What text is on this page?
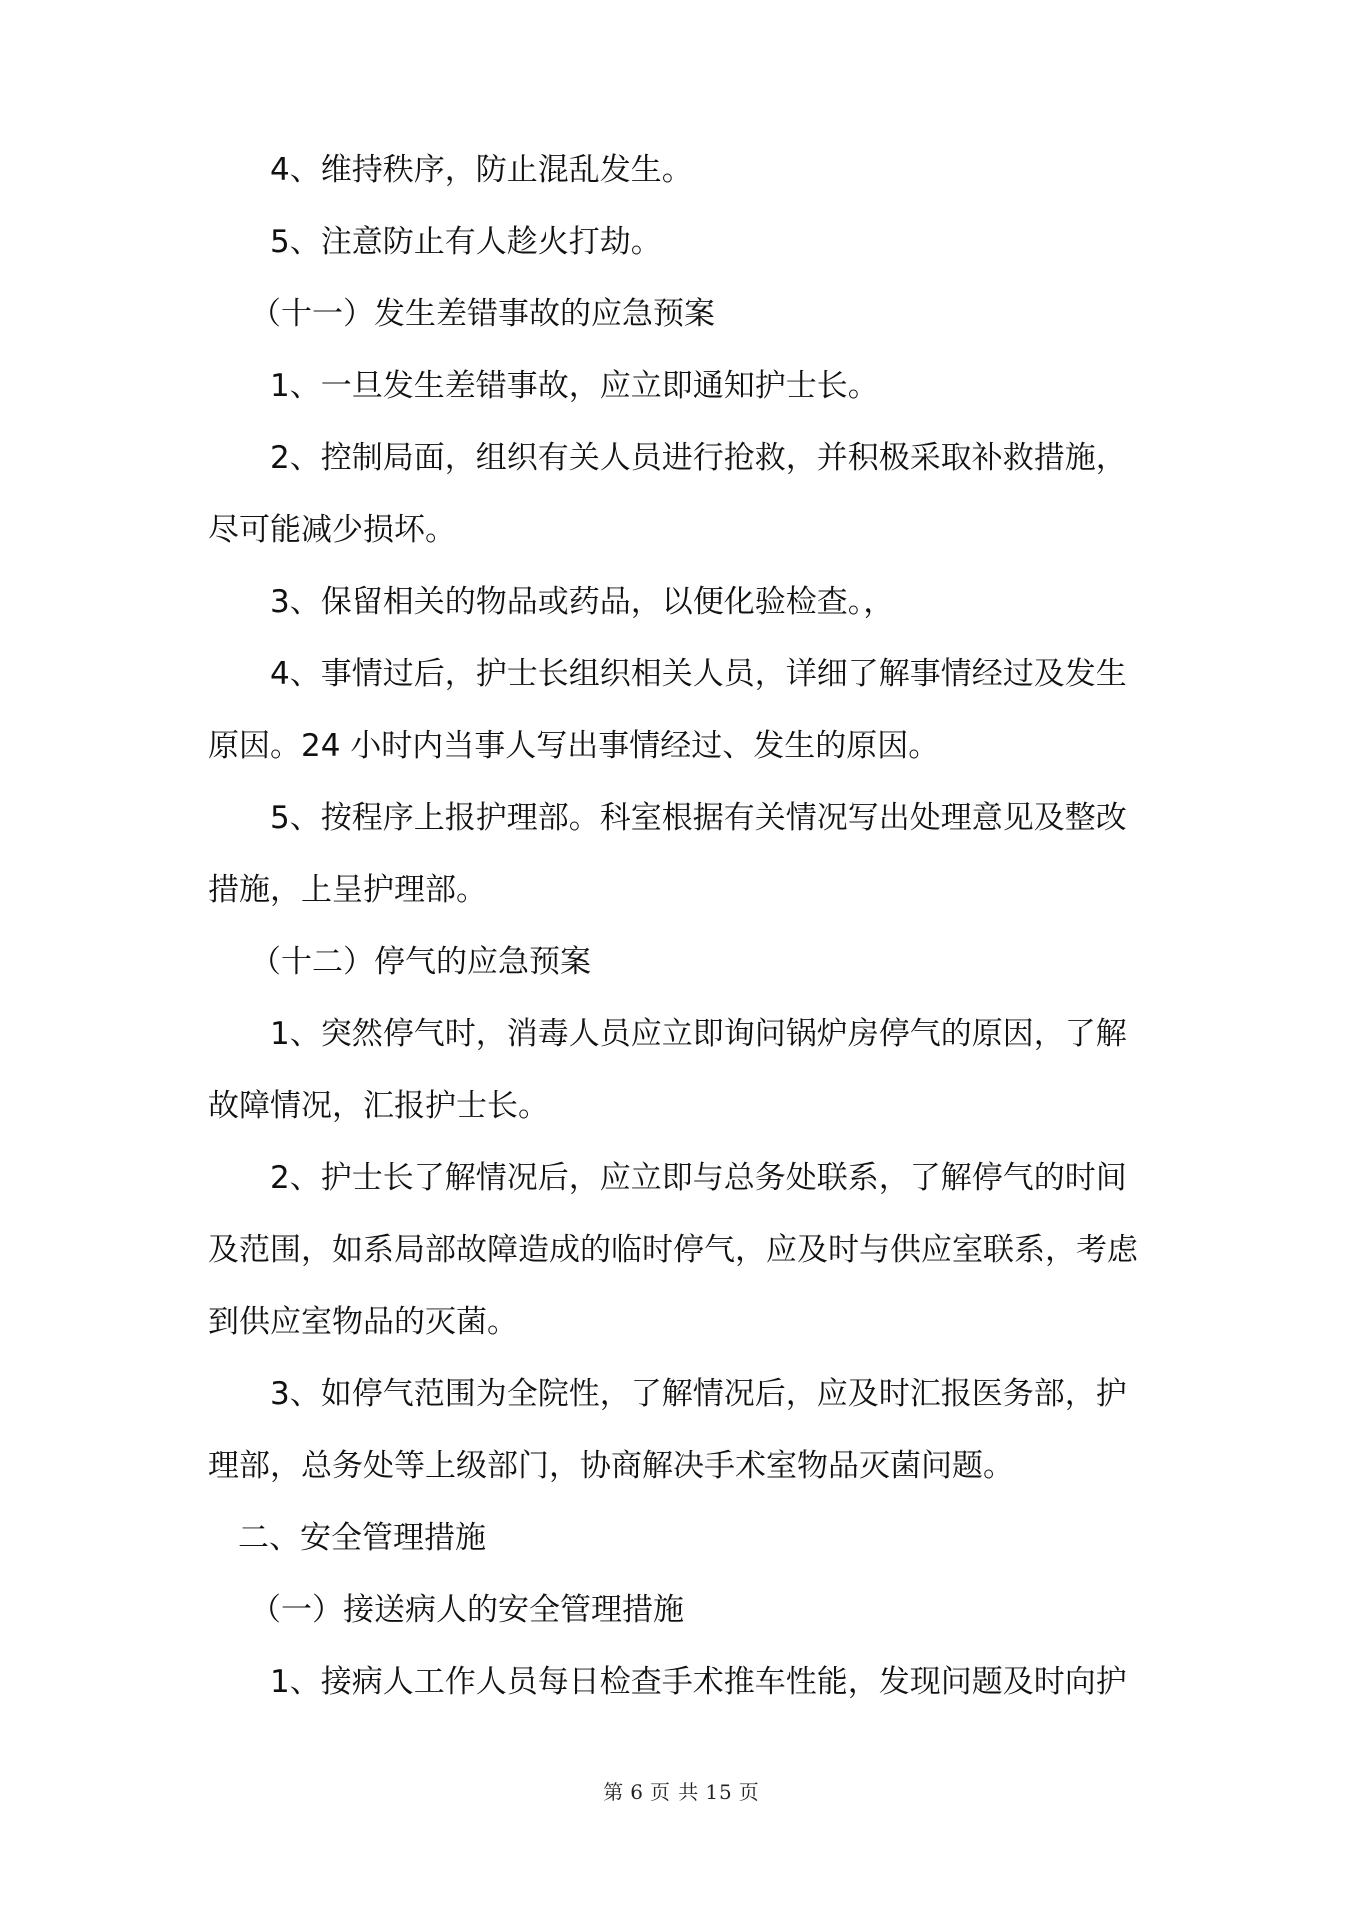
4、维持秩序，防止混乱发生。

5、注意防止有人趁火打劫。

（十一）发生差错事故的应急预案

1、一旦发生差错事故，应立即通知护士长。

2、控制局面，组织有关人员进行抢救，并积极采取补救措施，

尽可能减少损坏。

3、保留相关的物品或药品，以便化验检查。，

4、事情过后，护士长组织相关人员，详细了解事情经过及发生

原因。24 小时内当事人写出事情经过、发生的原因。

5、按程序上报护理部。科室根据有关情况写出处理意见及整改

措施，上呈护理部。

（十二）停气的应急预案

1、突然停气时，消毒人员应立即询问锅炉房停气的原因，了解

故障情况，汇报护士长。

2、护士长了解情况后，应立即与总务处联系，了解停气的时间

及范围，如系局部故障造成的临时停气，应及时与供应室联系，考虑

到供应室物品的灭菌。

3、如停气范围为全院性，了解情况后，应及时汇报医务部，护

理部，总务处等上级部门，协商解决手术室物品灭菌问题。

二、安全管理措施

（一）接送病人的安全管理措施

1、接病人工作人员每日检查手术推车性能，发现问题及时向护

第 6 页 共 15 页
